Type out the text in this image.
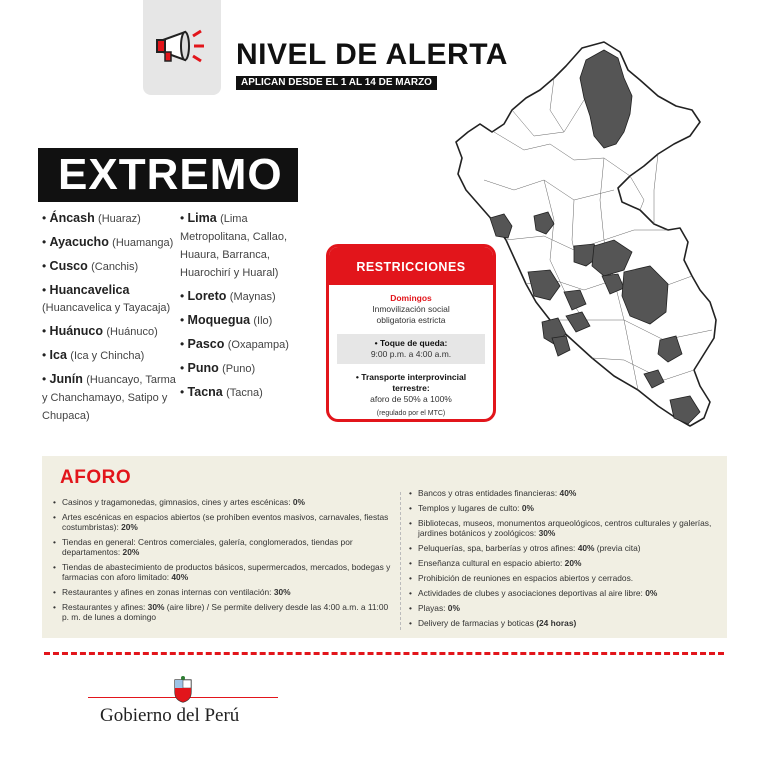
NIVEL DE ALERTA
APLICAN DESDE EL 1 AL 14 DE MARZO
EXTREMO
• Áncash (Huaraz)
• Ayacucho (Huamanga)
• Cusco (Canchis)
• Huancavelica (Huancavelica y Tayacaja)
• Huánuco (Huánuco)
• Ica (Ica y Chincha)
• Junín (Huancayo, Tarma y Chanchamayo, Satipo y Chupaca)
• Lima (Lima Metropolitana, Callao, Huaura, Barranca, Huarochirí y Huaral)
• Loreto (Maynas)
• Moquegua (Ilo)
• Pasco (Oxapampa)
• Puno (Puno)
• Tacna (Tacna)
RESTRICCIONES
Domingos
Inmovilización social obligatoria estricta
• Toque de queda:
9:00 p.m. a 4:00 a.m.
• Transporte interprovincial terrestre:
aforo de 50% a 100%
(regulado por el MTC)
AFORO
• Casinos y tragamonedas, gimnasios, cines y artes escénicas: 0%
• Artes escénicas en espacios abiertos (se prohíben eventos masivos, carnavales, fiestas costumbristas): 20%
• Tiendas en general: Centros comerciales, galería, conglomerados, tiendas por departamentos: 20%
• Tiendas de abastecimiento de productos básicos, supermercados, mercados, bodegas y farmacias con aforo limitado: 40%
• Restaurantes y afines en zonas internas con ventilación: 30%
• Restaurantes y afines: 30% (aire libre) / Se permite delivery desde las 4:00 a.m. a 11:00 p. m. de lunes a domingo
• Bancos y otras entidades financieras: 40%
• Templos y lugares de culto: 0%
• Bibliotecas, museos, monumentos arqueológicos, centros culturales y galerías, jardines botánicos y zoológicos: 30%
• Peluquerías, spa, barberías y otros afines: 40% (previa cita)
• Enseñanza cultural en espacio abierto: 20%
• Prohibición de reuniones en espacios abiertos y cerrados.
• Actividades de clubes y asociaciones deportivas al aire libre: 0%
• Playas: 0%
• Delivery de farmacias y boticas (24 horas)
Gobierno del Perú
